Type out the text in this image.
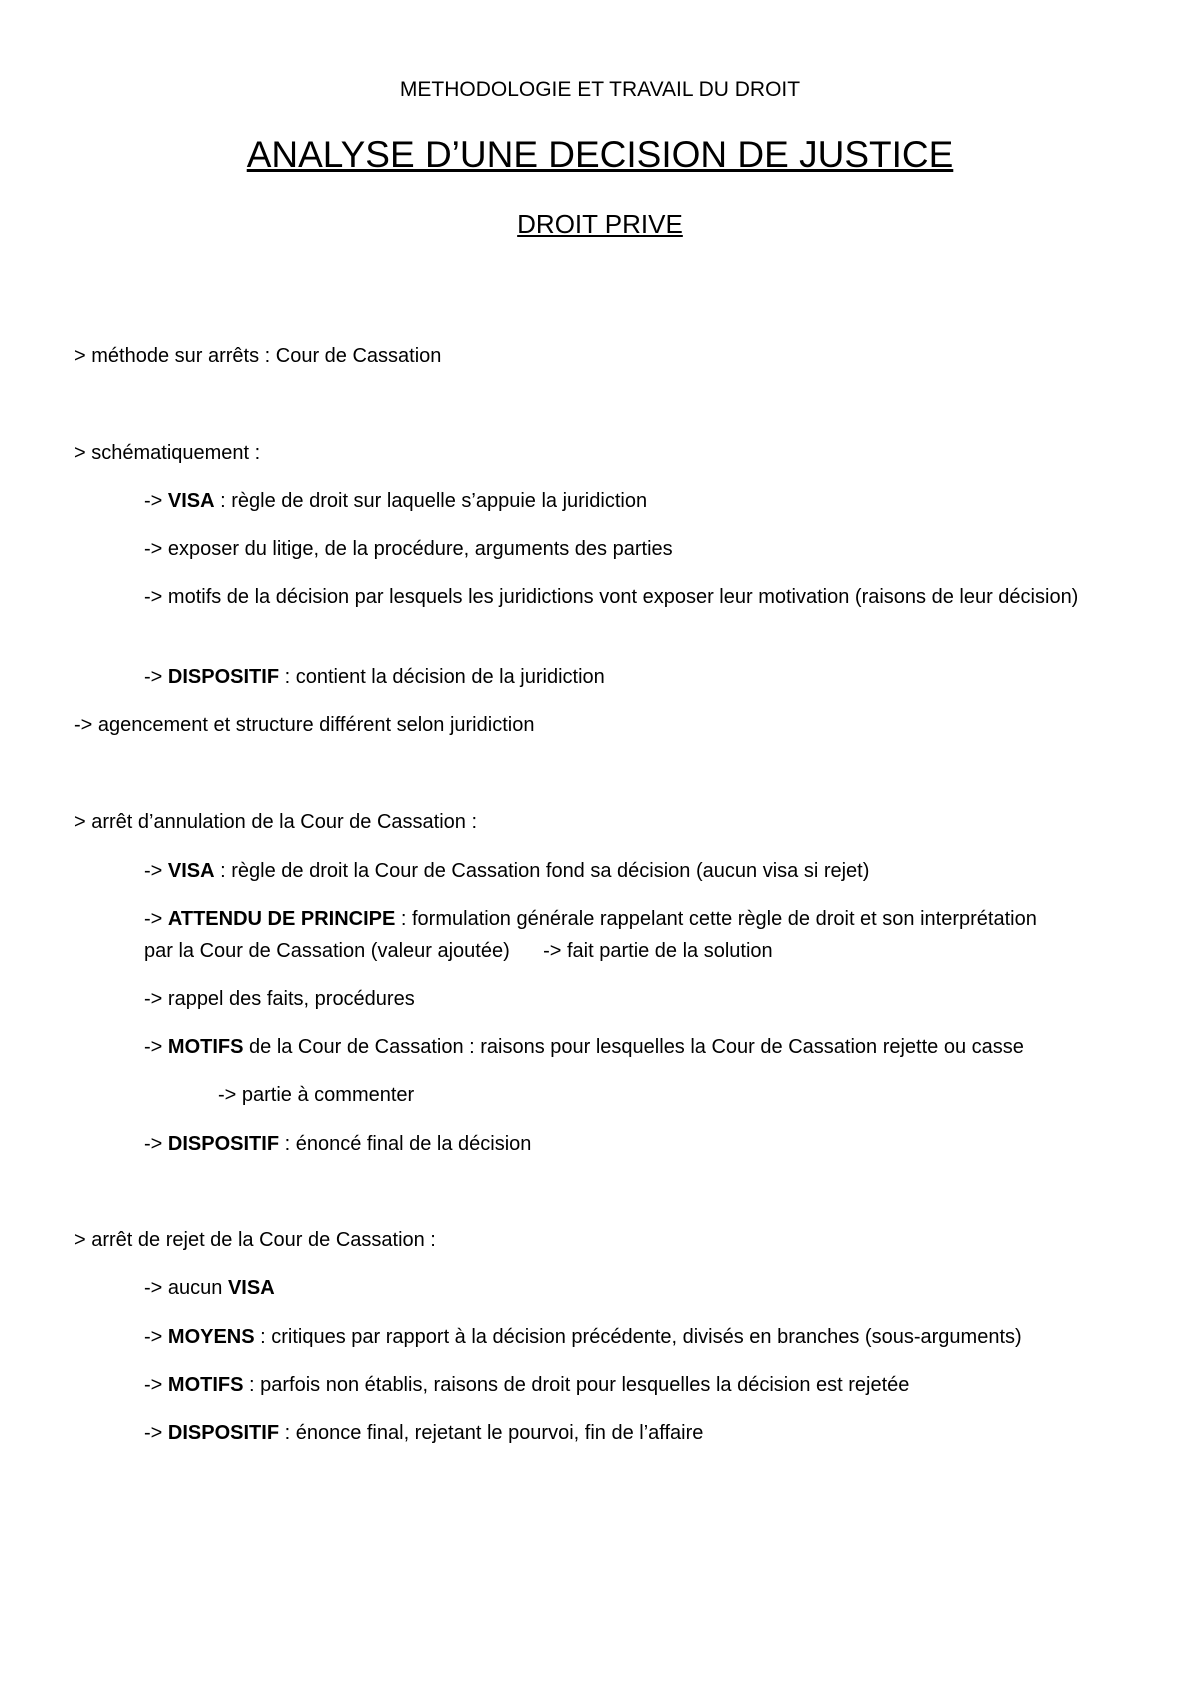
METHODOLOGIE ET TRAVAIL DU DROIT
ANALYSE D’UNE DECISION DE JUSTICE
DROIT PRIVE
> méthode sur arrêts : Cour de Cassation
> schématiquement :
-> VISA : règle de droit sur laquelle s’appuie la juridiction
-> exposer du litige, de la procédure, arguments des parties
-> motifs de la décision par lesquels les juridictions vont exposer leur motivation (raisons de leur décision)
-> DISPOSITIF : contient la décision de la juridiction
-> agencement et structure différent selon juridiction
> arrêt d’annulation de la Cour de Cassation :
-> VISA : règle de droit la Cour de Cassation fond sa décision (aucun visa si rejet)
-> ATTENDU DE PRINCIPE : formulation générale rappelant cette règle de droit et son interprétation
par la Cour de Cassation (valeur ajoutée)      -> fait partie de la solution
-> rappel des faits, procédures
-> MOTIFS de la Cour de Cassation : raisons pour lesquelles la Cour de Cassation rejette ou casse
-> partie à commenter
-> DISPOSITIF : énoncé final de la décision
> arrêt de rejet de la Cour de Cassation :
-> aucun VISA
-> MOYENS : critiques par rapport à la décision précédente, divisés en branches (sous-arguments)
-> MOTIFS : parfois non établis, raisons de droit pour lesquelles la décision est rejetée
-> DISPOSITIF : énonce final, rejetant le pourvoi, fin de l’affaire
